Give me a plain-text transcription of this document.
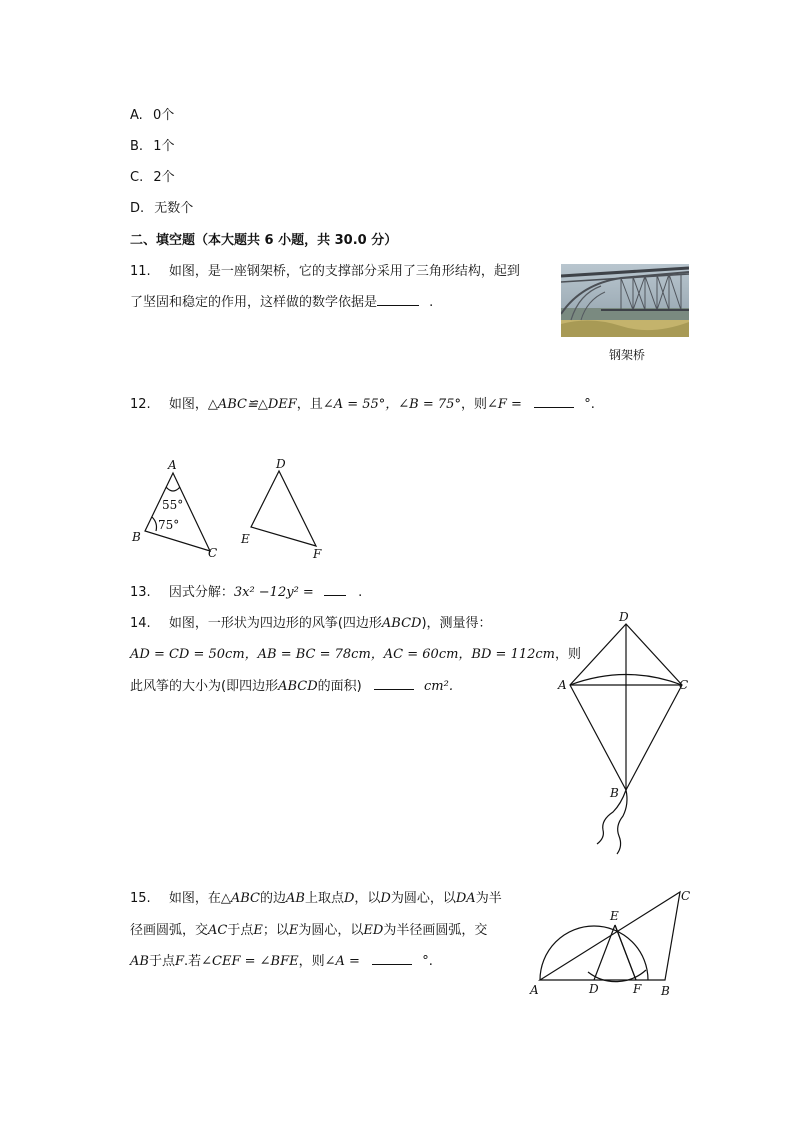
A. 0个
B. 1个
C. 2个
D. 无数个
二、填空题（本大题共 6 小题，共 30.0 分）
11. 如图，是一座钢架桥，它的支撑部分采用了三角形结构，起到
了坚固和稳定的作用，这样做的数学依据是	.
钢架桥
12. 如图，△ABC≌△DEF，且∠A = 55°，∠B = 75°，则∠F =	°.
A
B
C
55°
75°
D
E
F
13. 因式分解：3x² −12y² =	.
14. 如图，一形状为四边形的风筝(四边形ABCD)，测量得：
AD = CD = 50cm，AB = BC = 78cm，AC = 60cm，BD = 112cm，则
此风筝的大小为(即四边形ABCD的面积)	cm².
D
A	C
B
15. 如图，在△ABC的边AB上取点D，以D为圆心，以DA为半
径画圆弧，交AC于点E；以E为圆心，以ED为半径画圆弧，交
AB于点F.若∠CEF = ∠BFE，则∠A =	°.
A	B
C
D
E
F
